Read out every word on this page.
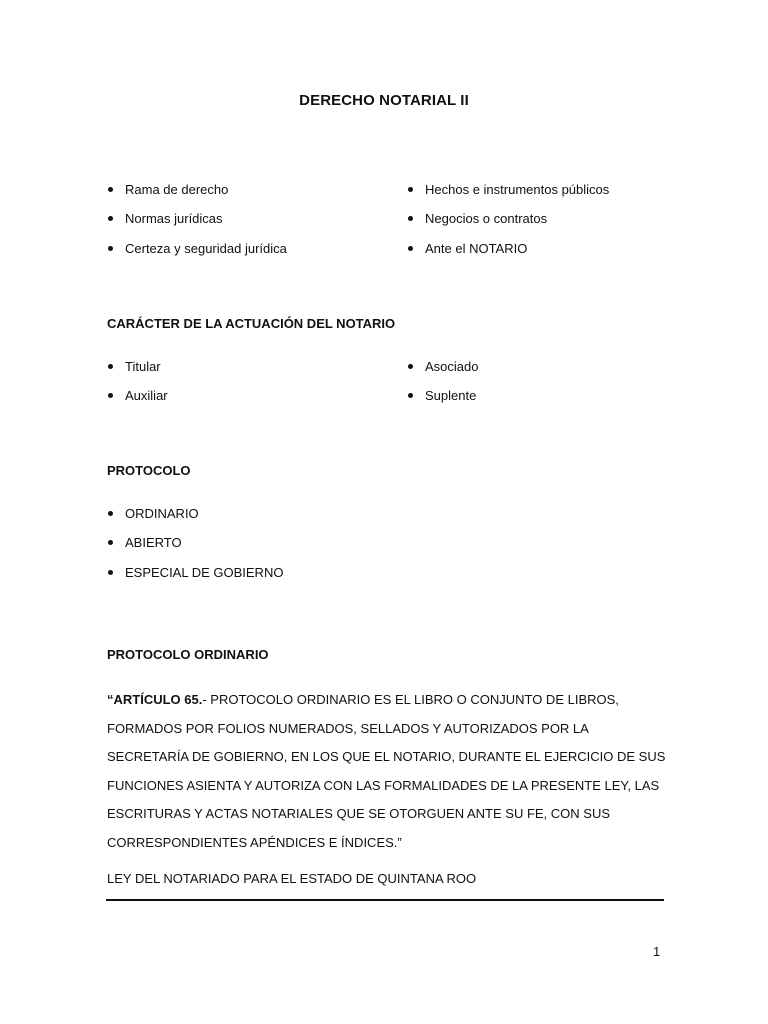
DERECHO NOTARIAL II
Rama de derecho
Normas jurídicas
Certeza y seguridad jurídica
Hechos e instrumentos públicos
Negocios o contratos
Ante el NOTARIO
CARÁCTER DE LA ACTUACIÓN DEL NOTARIO
Titular
Auxiliar
Asociado
Suplente
PROTOCOLO
ORDINARIO
ABIERTO
ESPECIAL DE GOBIERNO
PROTOCOLO ORDINARIO

“ARTÍCULO 65.- PROTOCOLO ORDINARIO ES EL LIBRO O CONJUNTO DE LIBROS, FORMADOS POR FOLIOS NUMERADOS, SELLADOS Y AUTORIZADOS POR LA SECRETARÍA DE GOBIERNO, EN LOS QUE EL NOTARIO, DURANTE EL EJERCICIO DE SUS FUNCIONES ASIENTA Y AUTORIZA CON LAS FORMALIDADES DE LA PRESENTE LEY, LAS ESCRITURAS Y ACTAS NOTARIALES QUE SE OTORGUEN ANTE SU FE, CON SUS CORRESPONDIENTES APÉNDICES E ÍNDICES.”

LEY DEL NOTARIADO PARA EL ESTADO DE QUINTANA ROO
1
